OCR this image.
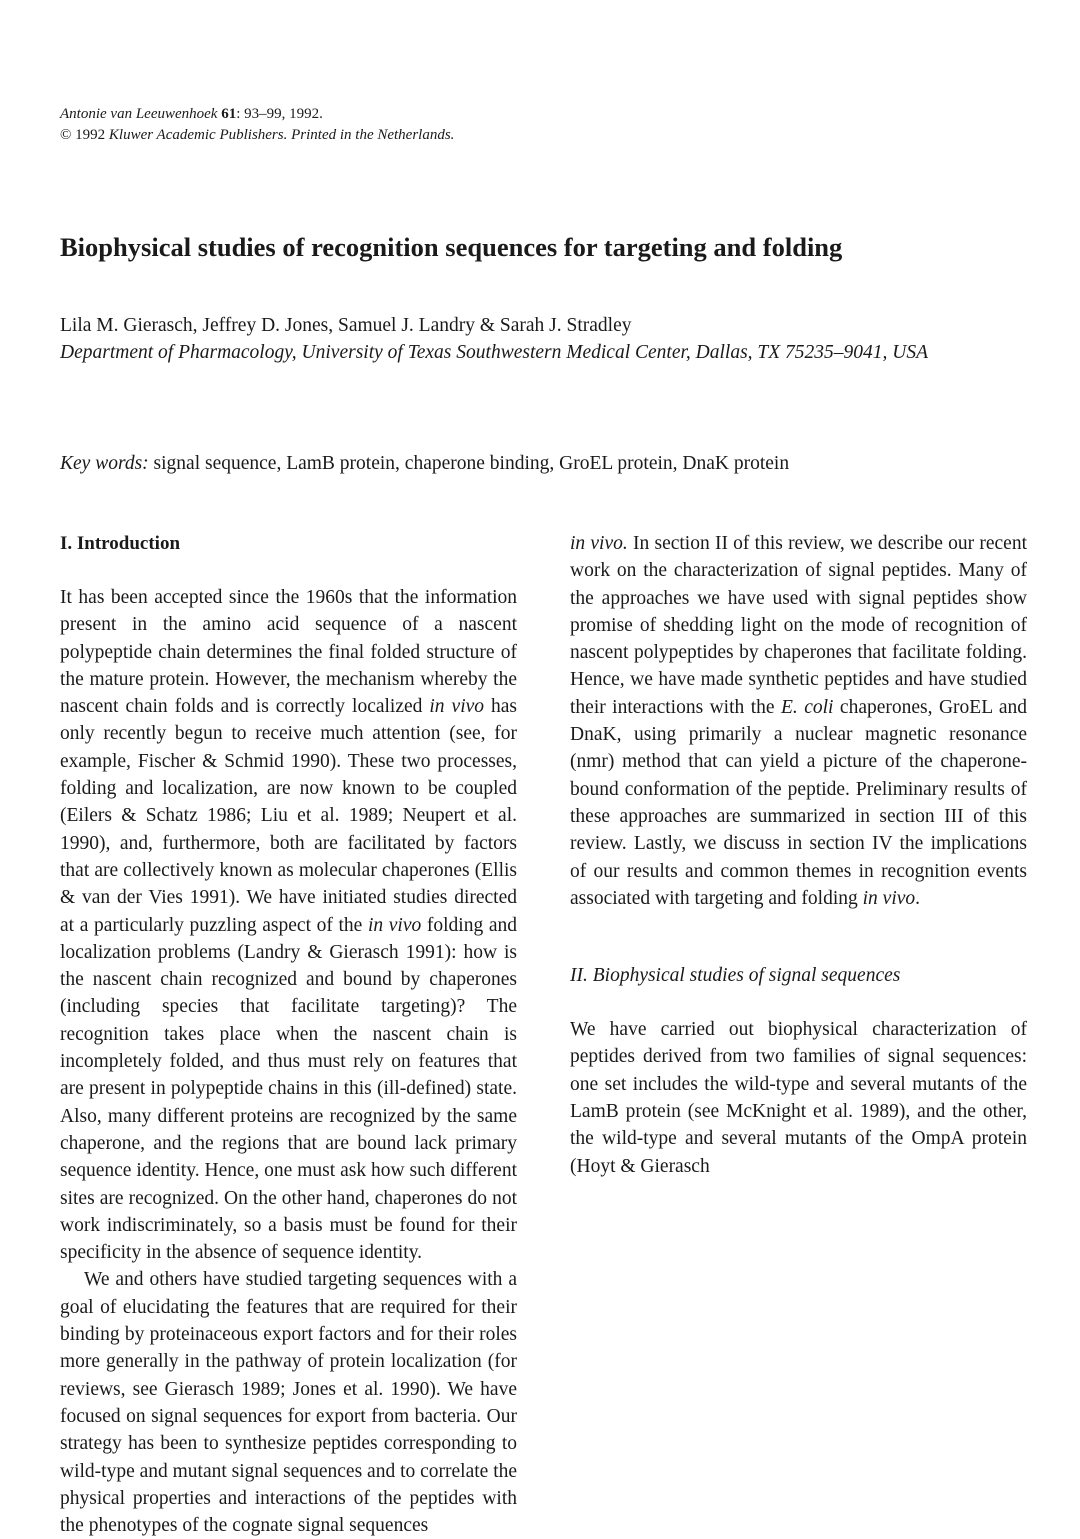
Antonie van Leeuwenhoek 61: 93–99, 1992.
© 1992 Kluwer Academic Publishers. Printed in the Netherlands.
Biophysical studies of recognition sequences for targeting and folding
Lila M. Gierasch, Jeffrey D. Jones, Samuel J. Landry & Sarah J. Stradley
Department of Pharmacology, University of Texas Southwestern Medical Center, Dallas, TX 75235–9041, USA
Key words: signal sequence, LamB protein, chaperone binding, GroEL protein, DnaK protein
I. Introduction

It has been accepted since the 1960s that the information present in the amino acid sequence of a nascent polypeptide chain determines the final folded structure of the mature protein. However, the mechanism whereby the nascent chain folds and is correctly localized in vivo has only recently begun to receive much attention (see, for example, Fischer & Schmid 1990). These two processes, folding and localization, are now known to be coupled (Eilers & Schatz 1986; Liu et al. 1989; Neupert et al. 1990), and, furthermore, both are facilitated by factors that are collectively known as molecular chaperones (Ellis & van der Vies 1991). We have initiated studies directed at a particularly puzzling aspect of the in vivo folding and localization problems (Landry & Gierasch 1991): how is the nascent chain recognized and bound by chaperones (including species that facilitate targeting)? The recognition takes place when the nascent chain is incompletely folded, and thus must rely on features that are present in polypeptide chains in this (ill-defined) state. Also, many different proteins are recognized by the same chaperone, and the regions that are bound lack primary sequence identity. Hence, one must ask how such different sites are recognized. On the other hand, chaperones do not work indiscriminately, so a basis must be found for their specificity in the absence of sequence identity.

We and others have studied targeting sequences with a goal of elucidating the features that are required for their binding by proteinaceous export factors and for their roles more generally in the pathway of protein localization (for reviews, see Gierasch 1989; Jones et al. 1990). We have focused on signal sequences for export from bacteria. Our strategy has been to synthesize peptides corresponding to wild-type and mutant signal sequences and to correlate the physical properties and interactions of the peptides with the phenotypes of the cognate signal sequences

in vivo. In section II of this review, we describe our recent work on the characterization of signal peptides. Many of the approaches we have used with signal peptides show promise of shedding light on the mode of recognition of nascent polypeptides by chaperones that facilitate folding. Hence, we have made synthetic peptides and have studied their interactions with the E. coli chaperones, GroEL and DnaK, using primarily a nuclear magnetic resonance (nmr) method that can yield a picture of the chaperone-bound conformation of the peptide. Preliminary results of these approaches are summarized in section III of this review. Lastly, we discuss in section IV the implications of our results and common themes in recognition events associated with targeting and folding in vivo.

II. Biophysical studies of signal sequences

We have carried out biophysical characterization of peptides derived from two families of signal sequences: one set includes the wild-type and several mutants of the LamB protein (see McKnight et al. 1989), and the other, the wild-type and several mutants of the OmpA protein (Hoyt & Gierasch
